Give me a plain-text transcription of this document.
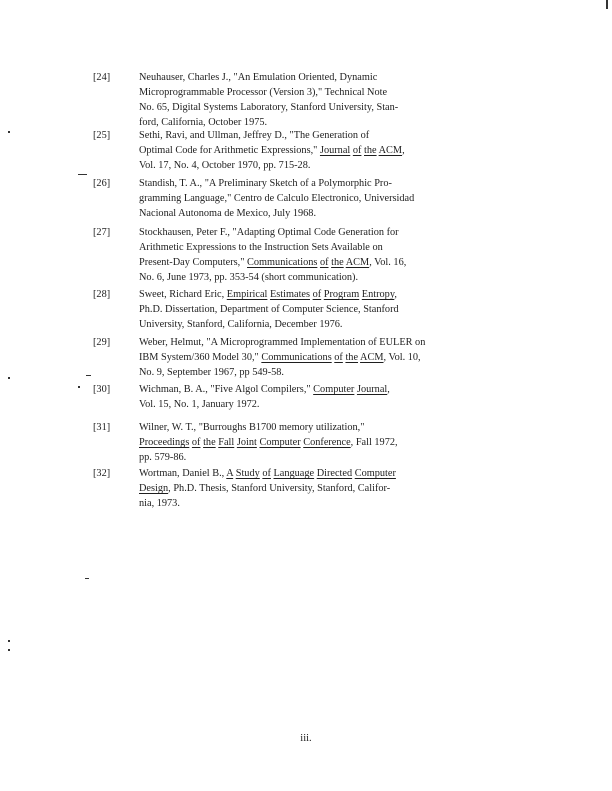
[24]	Neuhauser, Charles J., "An Emulation Oriented, Dynamic
Microprogrammable Processor (Version 3)," Technical Note
No. 65, Digital Systems Laboratory, Stanford University, Stan-
ford, California, October 1975.
[25]	Sethi, Ravi, and Ullman, Jeffrey D., "The Generation of
Optimal Code for Arithmetic Expressions," Journal of the ACM,
Vol. 17, No. 4, October 1970, pp. 715-28.
[26]	Standish, T. A., "A Preliminary Sketch of a Polymorphic Pro-
gramming Language," Centro de Calculo Electronico, Universidad
Nacional Autonoma de Mexico, July 1968.
[27]	Stockhausen, Peter F., "Adapting Optimal Code Generation for
Arithmetic Expressions to the Instruction Sets Available on
Present-Day Computers," Communications of the ACM, Vol. 16,
No. 6, June 1973, pp. 353-54 (short communication).
[28]	Sweet, Richard Eric, Empirical Estimates of Program Entropy,
Ph.D. Dissertation, Department of Computer Science, Stanford
University, Stanford, California, December 1976.
[29]	Weber, Helmut, "A Microprogrammed Implementation of EULER on
IBM System/360 Model 30," Communications of the ACM, Vol. 10,
No. 9, September 1967, pp 549-58.
[30]	Wichman, B. A., "Five Algol Compilers," Computer Journal,
Vol. 15, No. 1, January 1972.
[31]	Wilner, W. T., "Burroughs B1700 memory utilization,"
Proceedings of the Fall Joint Computer Conference, Fall 1972,
pp. 579-86.
[32]	Wortman, Daniel B., A Study of Language Directed Computer
Design, Ph.D. Thesis, Stanford University, Stanford, Califor-
nia, 1973.
iii.
